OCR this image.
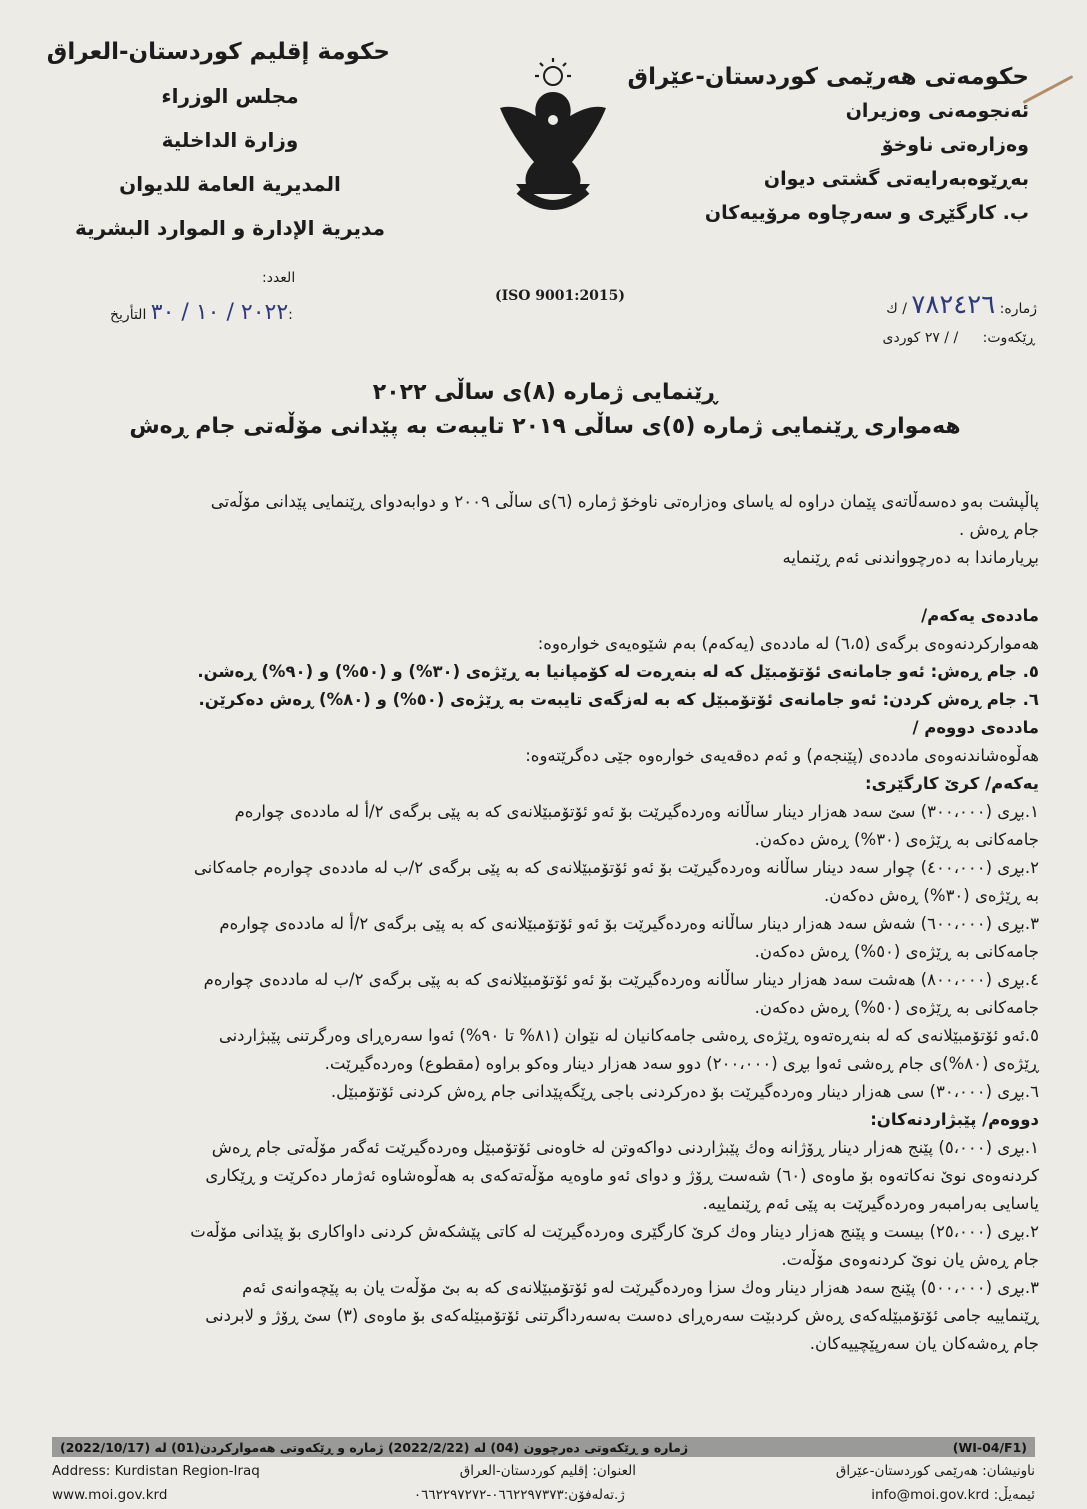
حکومەتی هەرێمی کوردستان-عێراق
ئەنجومەنی وەزیران
وەزارەتی ناوخۆ
بەڕێوەبەرایەتی گشتی دیوان
ب. کارگێڕی و سەرچاوە مرۆییەکان
حكومة إقليم كوردستان-العراق
مجلس الوزراء
وزارة الداخلية
المديرية العامة للديوان
مديرية الإدارة و الموارد البشرية
(ISO 9001:2015)
ژمارە: ٧٨٢٤٢٦ / ك
ڕێکەوت: / / ٢٧ کوردی
العدد:
٢٠٢٢ / ١٠ / ٣٠ التأريخ:
ڕێنمایی ژمارە (٨)ی ساڵی ٢٠٢٢
هەمواری ڕێنمایی ژمارە (٥)ی ساڵی ٢٠١٩ تایبەت بە پێدانی مۆڵەتی جام ڕەش

پاڵپشت بەو دەسەڵاتەی پێمان دراوە لە یاسای وەزارەتی ناوخۆ ژمارە (٦)ی ساڵی ٢٠٠٩ و دوابەدوای ڕێنمایی پێدانی مۆڵەتی

جام ڕەش .

بڕیارماندا بە دەرچوواندنی ئەم ڕێنمایە

ماددەی یەکەم/

هەموارکردنەوەی برگەی (٦،٥) لە ماددەی (یەکەم) بەم شێوەیەی خوارەوە:

٥. جام ڕەش: ئەو جامانەی ئۆتۆمبێل کە لە بنەڕەت لە کۆمپانیا بە ڕێژەی (٣٠%) و (٥٠%) و (٩٠%) ڕەشن.

٦. جام ڕەش کردن: ئەو جامانەی ئۆتۆمبێل کە بە لەزگەی تایبەت بە ڕێژەی (٥٠%) و (٨٠%) ڕەش دەکرێن.

ماددەی دووەم /

هەڵوەشاندنەوەی ماددەی (پێنجەم) و ئەم دەقەیەی خوارەوە جێی دەگرێتەوە:

یەکەم/ کرێ کارگێری:

١.بڕی (٣٠٠،٠٠٠) سێ سەد هەزار دینار ساڵانە وەردەگیرێت بۆ ئەو ئۆتۆمبێلانەی کە بە پێی برگەی ٢/أ لە ماددەی چوارەم

جامەکانی بە ڕێژەی (٣٠%) ڕەش دەکەن.

٢.بڕی (٤٠٠،٠٠٠) چوار سەد دینار ساڵانە وەردەگیرێت بۆ ئەو ئۆتۆمبێلانەی کە بە پێی برگەی ٢/ب لە ماددەی چوارەم جامەکانی

بە ڕێژەی (٣٠%) ڕەش دەکەن.

٣.بڕی (٦٠٠،٠٠٠) شەش سەد هەزار دینار ساڵانە وەردەگیرێت بۆ ئەو ئۆتۆمبێلانەی کە بە پێی برگەی ٢/أ لە ماددەی چوارەم

جامەکانی بە ڕێژەی (٥٠%) ڕەش دەکەن.

٤.بڕی (٨٠٠،٠٠٠) هەشت سەد هەزار دینار ساڵانە وەردەگیرێت بۆ ئەو ئۆتۆمبێلانەی کە بە پێی برگەی ٢/ب لە ماددەی چوارەم

جامەکانی بە ڕێژەی (٥٠%) ڕەش دەکەن.

٥.ئەو ئۆتۆمبێلانەی کە لە بنەڕەتەوە ڕێژەی ڕەشی جامەکانیان لە نێوان (٨١% تا ٩٠%) ئەوا سەرەڕای وەرگرتنی پێبژاردنی

ڕێژەی (٨٠%)ی جام ڕەشی ئەوا بڕی (٢٠٠،٠٠٠) دوو سەد هەزار دینار وەکو براوە (مقطوع) وەردەگیرێت.

٦.بڕی (٣٠،٠٠٠) سی هەزار دینار وەردەگیرێت بۆ دەرکردنی باجی ڕێگەپێدانی جام ڕەش کردنی ئۆتۆمبێل.

دووەم/ پێبژاردنەکان:

١.بڕی (٥،٠٠٠) پێنج هەزار دینار ڕۆژانە وەك پێبژاردنی دواکەوتن لە خاوەنی ئۆتۆمبێل وەردەگیرێت ئەگەر مۆڵەتی جام ڕەش

کردنەوەی نوێ نەکاتەوە بۆ ماوەی (٦٠) شەست ڕۆژ و دوای ئەو ماوەیە مۆڵەتەکەی بە هەڵوەشاوە ئەژمار دەکرێت و ڕێکاری

یاسایی بەرامبەر وەردەگیرێت بە پێی ئەم ڕێنماییە.

٢.بڕی (٢٥،٠٠٠) بیست و پێنج هەزار دینار وەك کرێ کارگێری وەردەگیرێت لە کاتی پێشکەش کردنی داواکاری بۆ پێدانی مۆڵەت

جام ڕەش یان نوێ کردنەوەی مۆڵەت.

٣.بڕی (٥٠٠،٠٠٠) پێنج سەد هەزار دینار وەك سزا وەردەگیرێت لەو ئۆتۆمبێلانەی کە بە بێ مۆڵەت یان بە پێچەوانەی ئەم

ڕێنماییە جامی ئۆتۆمبێلەکەی ڕەش کردبێت سەرەڕای دەست بەسەرداگرتنی ئۆتۆمبێلەکەی بۆ ماوەی (٣) سێ ڕۆژ و لابردنی

جام ڕەشەکان یان سەرپێچییەکان.

(WI-04/F1)
ژمارە و ڕێکەوتی دەرچوون (04) لە (2022/2/22) ژمارە و ڕێکەوتی هەموارکردن(01) لە (2022/10/17)
ناونیشان: هەرێمی کوردستان-عێراق
العنوان: إقليم كوردستان-العراق
Address: Kurdistan Region-Iraq
ئیمەیڵ: info@moi.gov.krd
ژ.تەلەفۆن:٠٦٦٢٢٩٧٣٧٣-٠٦٦٢٢٩٧٢٧٢
www.moi.gov.krd
